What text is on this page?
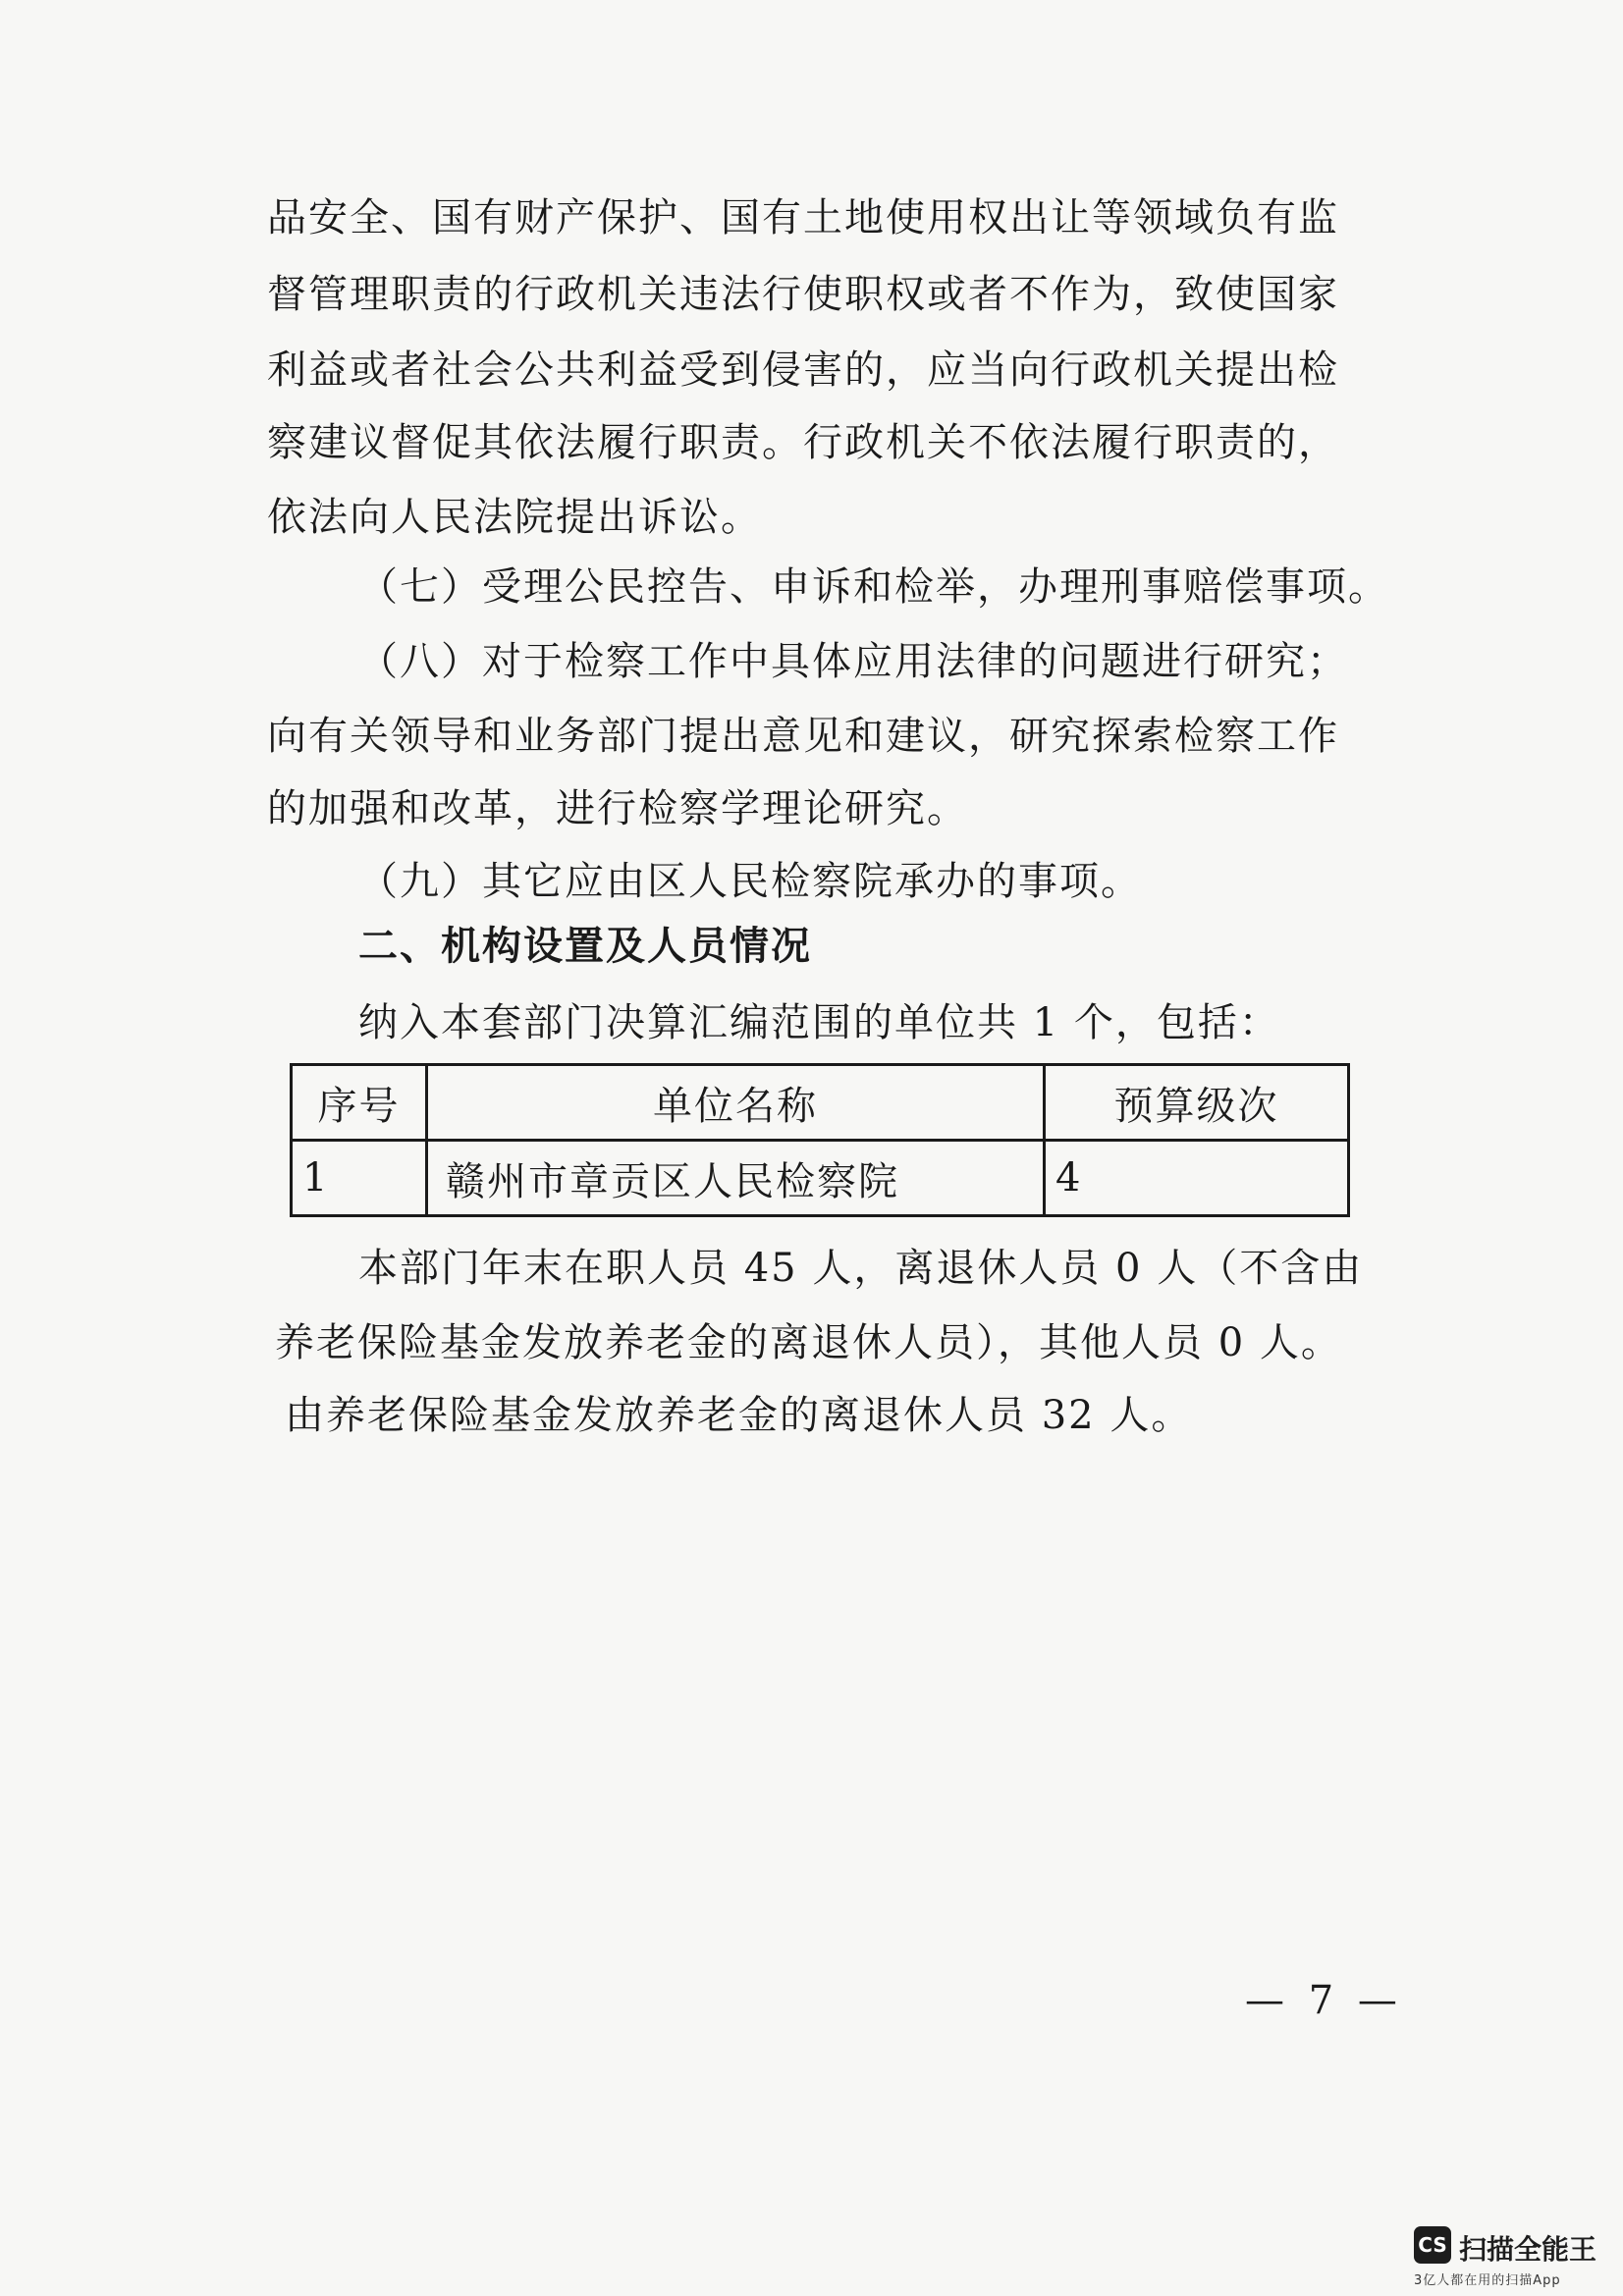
品安全、国有财产保护、国有土地使用权出让等领域负有监
督管理职责的行政机关违法行使职权或者不作为，致使国家
利益或者社会公共利益受到侵害的，应当向行政机关提出检
察建议督促其依法履行职责。行政机关不依法履行职责的，
依法向人民法院提出诉讼。
（七）受理公民控告、申诉和检举，办理刑事赔偿事项。
（八）对于检察工作中具体应用法律的问题进行研究；
向有关领导和业务部门提出意见和建议，研究探索检察工作
的加强和改革，进行检察学理论研究。
（九）其它应由区人民检察院承办的事项。
二、机构设置及人员情况
纳入本套部门决算汇编范围的单位共 1 个，包括：
序号	单位名称	预算级次
1	赣州市章贡区人民检察院	4
本部门年末在职人员 45 人，离退休人员 0 人（不含由
养老保险基金发放养老金的离退休人员），其他人员 0 人。
由养老保险基金发放养老金的离退休人员 32 人。
— 7 —
CS 扫描全能王
3亿人都在用的扫描App
